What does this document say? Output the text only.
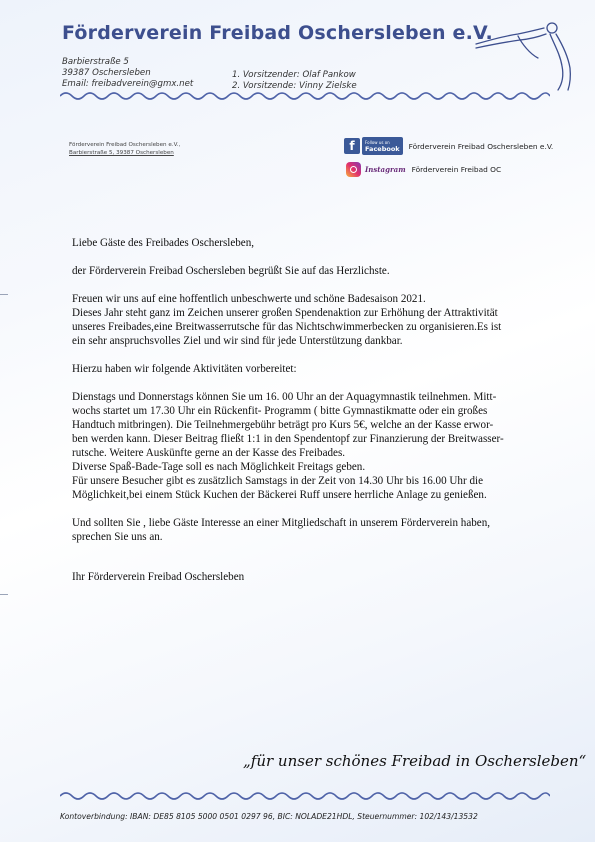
Förderverein Freibad Oschersleben e.V.
Barbierstraße 5
39387 Oschersleben
Email: freibadverein@gmx.net
1. Vorsitzender: Olaf Pankow
2. Vorsitzende: Vinny Zielske
Förderverein Freibad Oschersleben e.V.,
Barbierstraße 5, 39387 Oschersleben	f	Follow us on
Facebook	Förderverein Freibad Oschersleben e.V.
Instagram Förderverein Freibad OC

Liebe Gäste des Freibades Oschersleben,

der Förderverein Freibad Oschersleben begrüßt Sie auf das Herzlichste.

Freuen wir uns auf eine hoffentlich unbeschwerte und schöne Badesaison 2021.
Dieses Jahr steht ganz im Zeichen unserer großen Spendenaktion zur Erhöhung der Attraktivität
unseres Freibades,eine Breitwasserrutsche für das Nichtschwimmerbecken zu organisieren.Es ist
ein sehr anspruchsvolles Ziel und wir sind für jede Unterstützung dankbar.

Hierzu haben wir folgende Aktivitäten vorbereitet:

Dienstags und Donnerstags können Sie um 16. 00 Uhr an der Aquagymnastik teilnehmen. Mitt-
wochs startet um 17.30 Uhr ein Rückenfit- Programm ( bitte Gymnastikmatte oder ein großes
Handtuch mitbringen). Die Teilnehmergebühr beträgt pro Kurs 5€, welche an der Kasse erwor-
ben werden kann. Dieser Beitrag fließt 1:1 in den Spendentopf zur Finanzierung der Breitwasser-
rutsche. Weitere Auskünfte gerne an der Kasse des Freibades.
Diverse Spaß-Bade-Tage soll es nach Möglichkeit Freitags geben.
Für unsere Besucher gibt es zusätzlich Samstags in der Zeit von 14.30 Uhr bis 16.00 Uhr die
Möglichkeit,bei einem Stück Kuchen der Bäckerei Ruff unsere herrliche Anlage zu genießen.

Und sollten Sie , liebe Gäste Interesse an einer Mitgliedschaft in unserem Förderverein haben,
sprechen Sie uns an.

Ihr Förderverein Freibad Oschersleben

„für unser schönes Freibad in Oschersleben“
Kontoverbindung: IBAN: DE85 8105 5000 0501 0297 96, BIC: NOLADE21HDL, Steuernummer: 102/143/13532
